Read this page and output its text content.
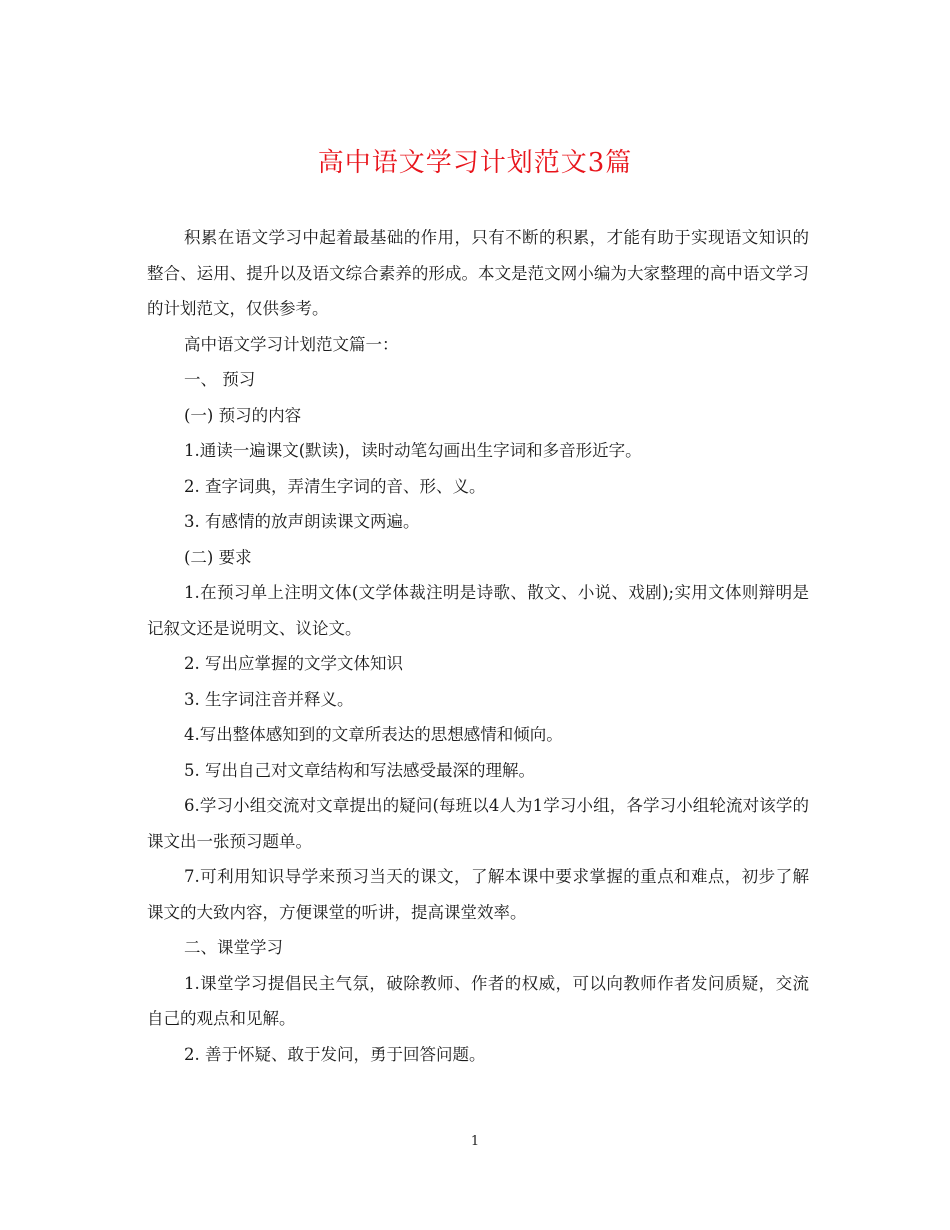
高中语文学习计划范文3篇

积累在语文学习中起着最基础的作用，只有不断的积累，才能有助于实现语文知识的整合、运用、提升以及语文综合素养的形成。本文是范文网小编为大家整理的高中语文学习的计划范文，仅供参考。

高中语文学习计划范文篇一：

一、 预习

(一) 预习的内容

1.通读一遍课文(默读)，读时动笔勾画出生字词和多音形近字。

2. 查字词典，弄清生字词的音、形、义。

3. 有感情的放声朗读课文两遍。

(二) 要求

1.在预习单上注明文体(文学体裁注明是诗歌、散文、小说、戏剧);实用文体则辩明是记叙文还是说明文、议论文。

2. 写出应掌握的文学文体知识

3. 生字词注音并释义。

4.写出整体感知到的文章所表达的思想感情和倾向。

5. 写出自己对文章结构和写法感受最深的理解。

6.学习小组交流对文章提出的疑问(每班以4人为1学习小组，各学习小组轮流对该学的课文出一张预习题单。

7.可利用知识导学来预习当天的课文，了解本课中要求掌握的重点和难点，初步了解课文的大致内容，方便课堂的听讲，提高课堂效率。

二、课堂学习

1.课堂学习提倡民主气氛，破除教师、作者的权威，可以向教师作者发问质疑，交流自己的观点和见解。

2. 善于怀疑、敢于发问，勇于回答问题。

1
